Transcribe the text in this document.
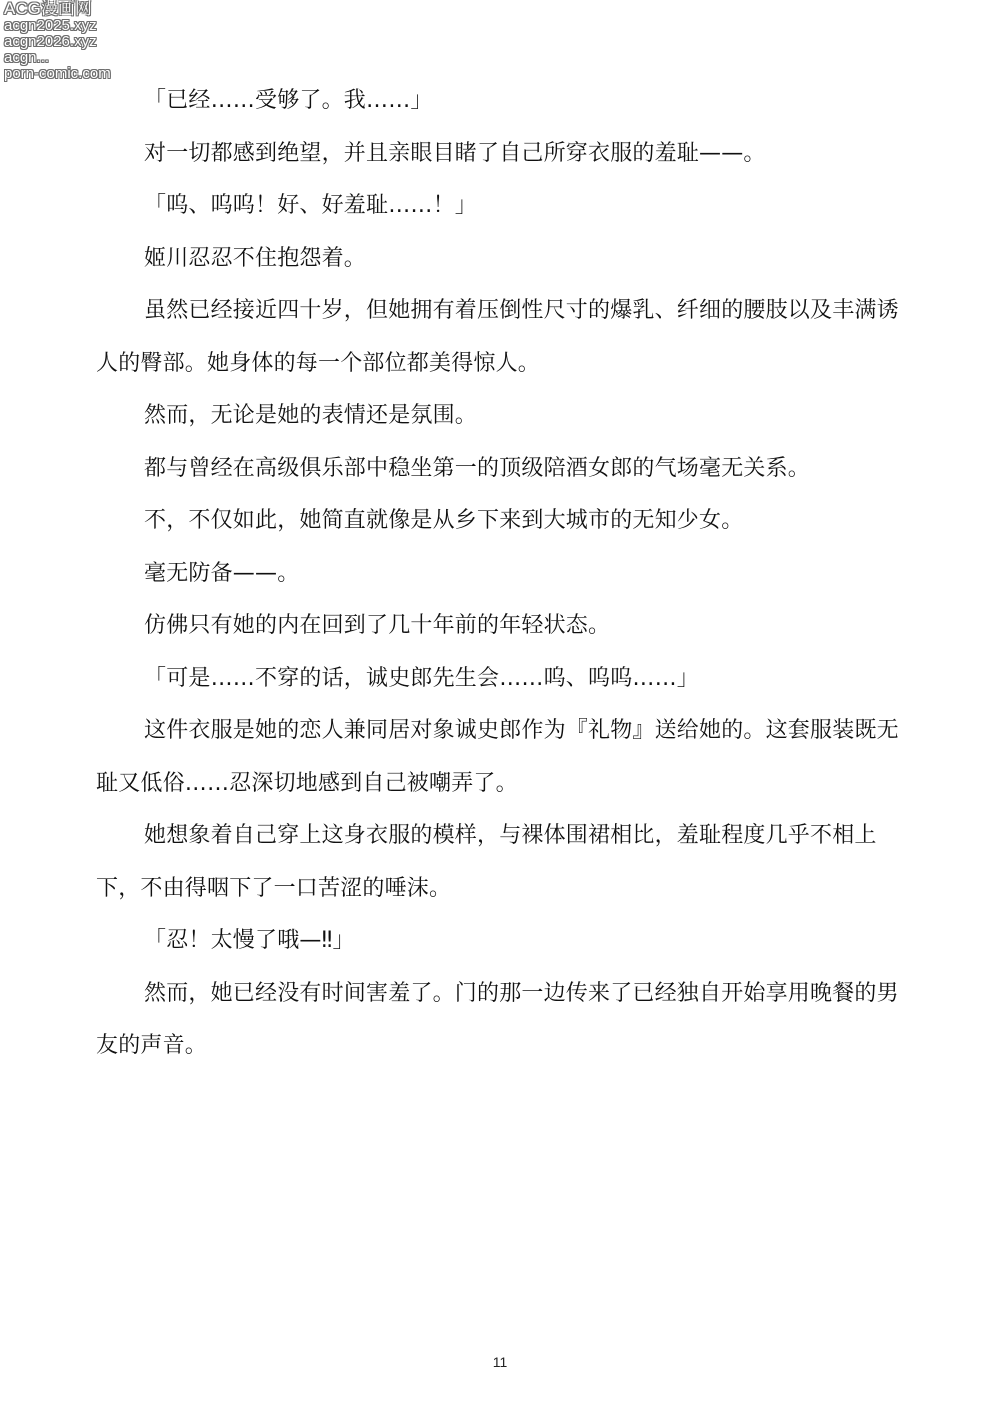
ACG漫画网
acgn2025.xyz
acgn2026.xyz
acgn...
porn-comic.com

「已经……受够了。我……」

对一切都感到绝望，并且亲眼目睹了自己所穿衣服的羞耻——。

「呜、呜呜！好、好羞耻……！」

姬川忍忍不住抱怨着。

虽然已经接近四十岁，但她拥有着压倒性尺寸的爆乳、纤细的腰肢以及丰满诱人的臀部。她身体的每一个部位都美得惊人。

然而，无论是她的表情还是氛围。

都与曾经在高级俱乐部中稳坐第一的顶级陪酒女郎的气场毫无关系。

不，不仅如此，她简直就像是从乡下来到大城市的无知少女。

毫无防备——。

仿佛只有她的内在回到了几十年前的年轻状态。

「可是……不穿的话，诚史郎先生会……呜、呜呜……」

这件衣服是她的恋人兼同居对象诚史郎作为『礼物』送给她的。这套服装既无耻又低俗……忍深切地感到自己被嘲弄了。

她想象着自己穿上这身衣服的模样，与裸体围裙相比，羞耻程度几乎不相上下，不由得咽下了一口苦涩的唾沫。

「忍！太慢了哦—‼」

然而，她已经没有时间害羞了。门的那一边传来了已经独自开始享用晚餐的男友的声音。

11
